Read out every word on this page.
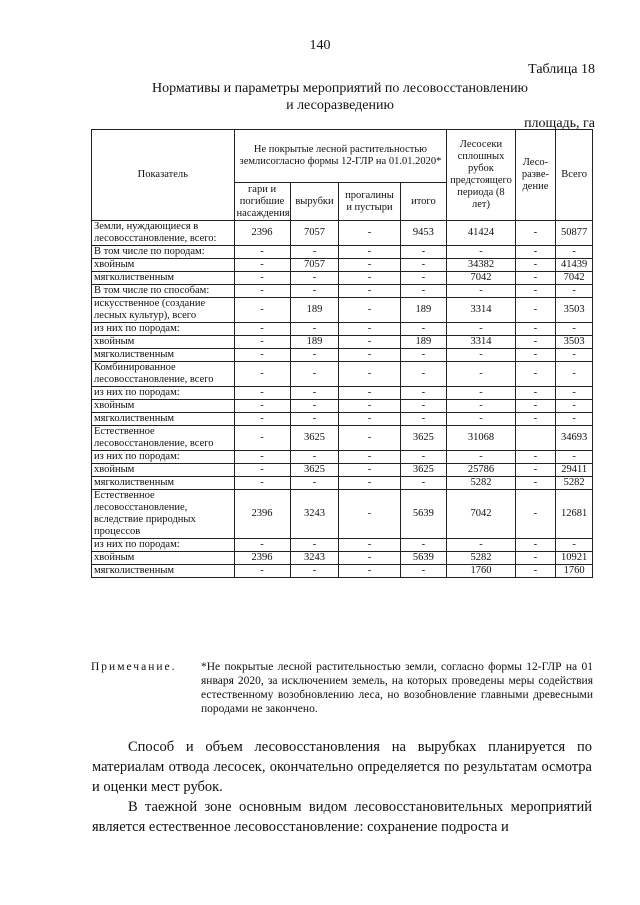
140
Таблица 18
Нормативы и параметры мероприятий по лесовосстановлению
и лесоразведению
площадь, га
Показатель	Не покрытые лесной растительностью землисогласно формы 12-ГЛР на 01.01.2020*				Лесосеки сплошных рубок предстоящего периода (8 лет)	Лесо-разве-дение	Всего
	гари и погибшие насаждения	вырубки	прогалины и пустыри	итого			
Земли, нуждающиеся в лесовосстановление, всего:	2396	7057	-	9453	41424	-	50877
В том числе по породам:	-	-	-	-	-	-	-
хвойным	-	7057	-	-	34382	-	41439
мягколиственным	-	-	-	-	7042	-	7042
В том числе по способам:	-	-	-	-	-	-	-
искусственное (создание лесных культур), всего	-	189	-	189	3314	-	3503
из них по породам:	-	-	-	-	-	-	-
хвойным	-	189	-	189	3314	-	3503
мягколиственным	-	-	-	-	-	-	-
Комбинированное лесовосстановление, всего	-	-	-	-	-	-	-
из них по породам:	-	-	-	-	-	-	-
хвойным	-	-	-	-	-	-	-
мягколиственным	-	-	-	-	-	-	-
Естественное лесовосстановление, всего	-	3625	-	3625	31068		34693
из них по породам:	-	-	-	-	-	-	-
хвойным	-	3625	-	3625	25786	-	29411
мягколиственным	-	-	-	-	5282	-	5282
Естественное лесовосстановление, вследствие природных процессов	2396	3243	-	5639	7042	-	12681
из них по породам:	-	-	-	-	-	-	-
хвойным	2396	3243	-	5639	5282	-	10921
мягколиственным	-	-	-	-	1760	-	1760
Примечание.	*Не покрытые лесной растительностью земли, согласно формы 12-ГЛР на 01 января 2020, за исключением земель, на которых проведены меры содействия естественному возобновлению леса, но возобновление главными древесными породами не закончено.
Способ и объем лесовосстановления на вырубках планируется по материалам отвода лесосек, окончательно определяется по результатам осмотра и оценки мест рубок.
В таежной зоне основным видом лесовосстановительных мероприятий является естественное лесовосстановление: сохранение подроста и
